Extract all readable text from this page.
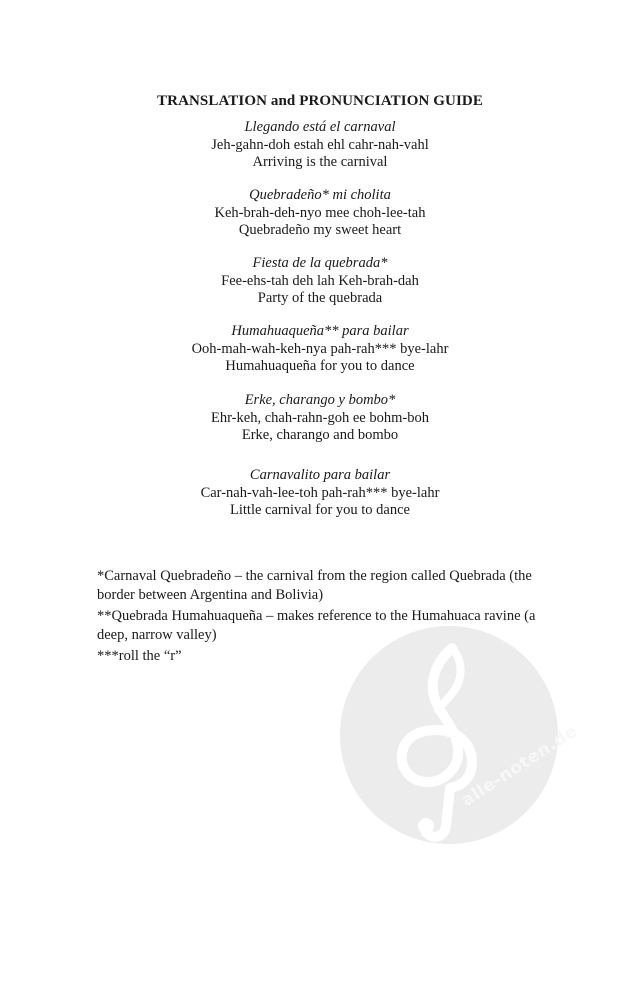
TRANSLATION and PRONUNCIATION GUIDE
Llegando está el carnaval
Jeh-gahn-doh estah ehl cahr-nah-vahl
Arriving is the carnival
Quebradeño* mi cholita
Keh-brah-deh-nyo mee choh-lee-tah
Quebradeño my sweet heart
Fiesta de la quebrada*
Fee-ehs-tah deh lah Keh-brah-dah
Party of the quebrada
Humahuaqueña** para bailar
Ooh-mah-wah-keh-nya pah-rah*** bye-lahr
Humahuaqueña for you to dance
Erke, charango y bombo*
Ehr-keh, chah-rahn-goh ee bohm-boh
Erke, charango and bombo
Carnavalito para bailar
Car-nah-vah-lee-toh pah-rah*** bye-lahr
Little carnival for you to dance
alle-noten.de
*Carnaval Quebradeño – the carnival from the region called Quebrada (the border between Argentina and Bolivia)
**Quebrada Humahuaqueña – makes reference to the Humahuaca ravine (a deep, narrow valley)
***roll the “r”
